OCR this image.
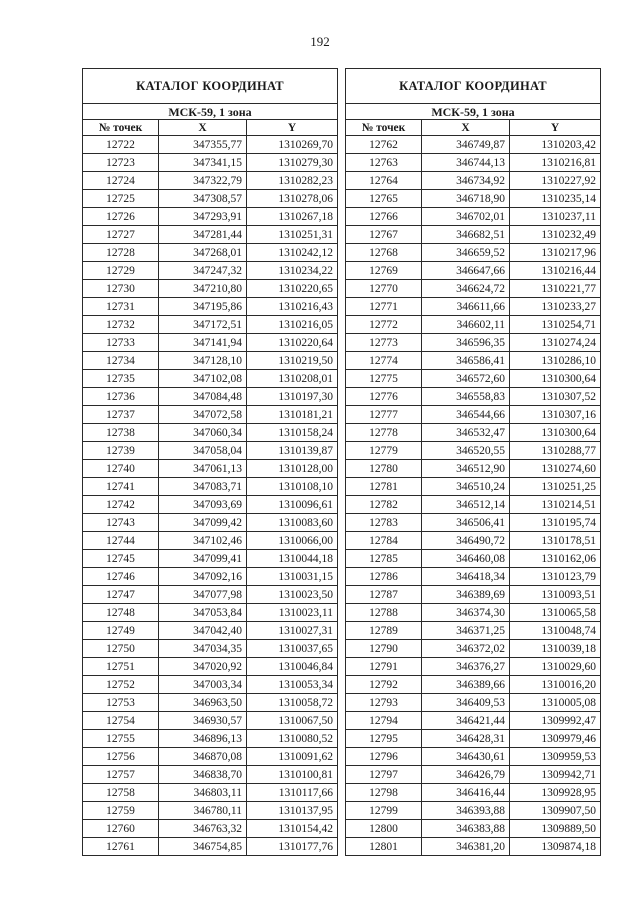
192
КАТАЛОГ КООРДИНАТ		
МСК-59, 1 зона		
№ точек	X	Y
12722	347355,77	1310269,70
12723	347341,15	1310279,30
12724	347322,79	1310282,23
12725	347308,57	1310278,06
12726	347293,91	1310267,18
12727	347281,44	1310251,31
12728	347268,01	1310242,12
12729	347247,32	1310234,22
12730	347210,80	1310220,65
12731	347195,86	1310216,43
12732	347172,51	1310216,05
12733	347141,94	1310220,64
12734	347128,10	1310219,50
12735	347102,08	1310208,01
12736	347084,48	1310197,30
12737	347072,58	1310181,21
12738	347060,34	1310158,24
12739	347058,04	1310139,87
12740	347061,13	1310128,00
12741	347083,71	1310108,10
12742	347093,69	1310096,61
12743	347099,42	1310083,60
12744	347102,46	1310066,00
12745	347099,41	1310044,18
12746	347092,16	1310031,15
12747	347077,98	1310023,50
12748	347053,84	1310023,11
12749	347042,40	1310027,31
12750	347034,35	1310037,65
12751	347020,92	1310046,84
12752	347003,34	1310053,34
12753	346963,50	1310058,72
12754	346930,57	1310067,50
12755	346896,13	1310080,52
12756	346870,08	1310091,62
12757	346838,70	1310100,81
12758	346803,11	1310117,66
12759	346780,11	1310137,95
12760	346763,32	1310154,42
12761	346754,85	1310177,76
КАТАЛОГ КООРДИНАТ		
МСК-59, 1 зона		
№ точек	X	Y
12762	346749,87	1310203,42
12763	346744,13	1310216,81
12764	346734,92	1310227,92
12765	346718,90	1310235,14
12766	346702,01	1310237,11
12767	346682,51	1310232,49
12768	346659,52	1310217,96
12769	346647,66	1310216,44
12770	346624,72	1310221,77
12771	346611,66	1310233,27
12772	346602,11	1310254,71
12773	346596,35	1310274,24
12774	346586,41	1310286,10
12775	346572,60	1310300,64
12776	346558,83	1310307,52
12777	346544,66	1310307,16
12778	346532,47	1310300,64
12779	346520,55	1310288,77
12780	346512,90	1310274,60
12781	346510,24	1310251,25
12782	346512,14	1310214,51
12783	346506,41	1310195,74
12784	346490,72	1310178,51
12785	346460,08	1310162,06
12786	346418,34	1310123,79
12787	346389,69	1310093,51
12788	346374,30	1310065,58
12789	346371,25	1310048,74
12790	346372,02	1310039,18
12791	346376,27	1310029,60
12792	346389,66	1310016,20
12793	346409,53	1310005,08
12794	346421,44	1309992,47
12795	346428,31	1309979,46
12796	346430,61	1309959,53
12797	346426,79	1309942,71
12798	346416,44	1309928,95
12799	346393,88	1309907,50
12800	346383,88	1309889,50
12801	346381,20	1309874,18
